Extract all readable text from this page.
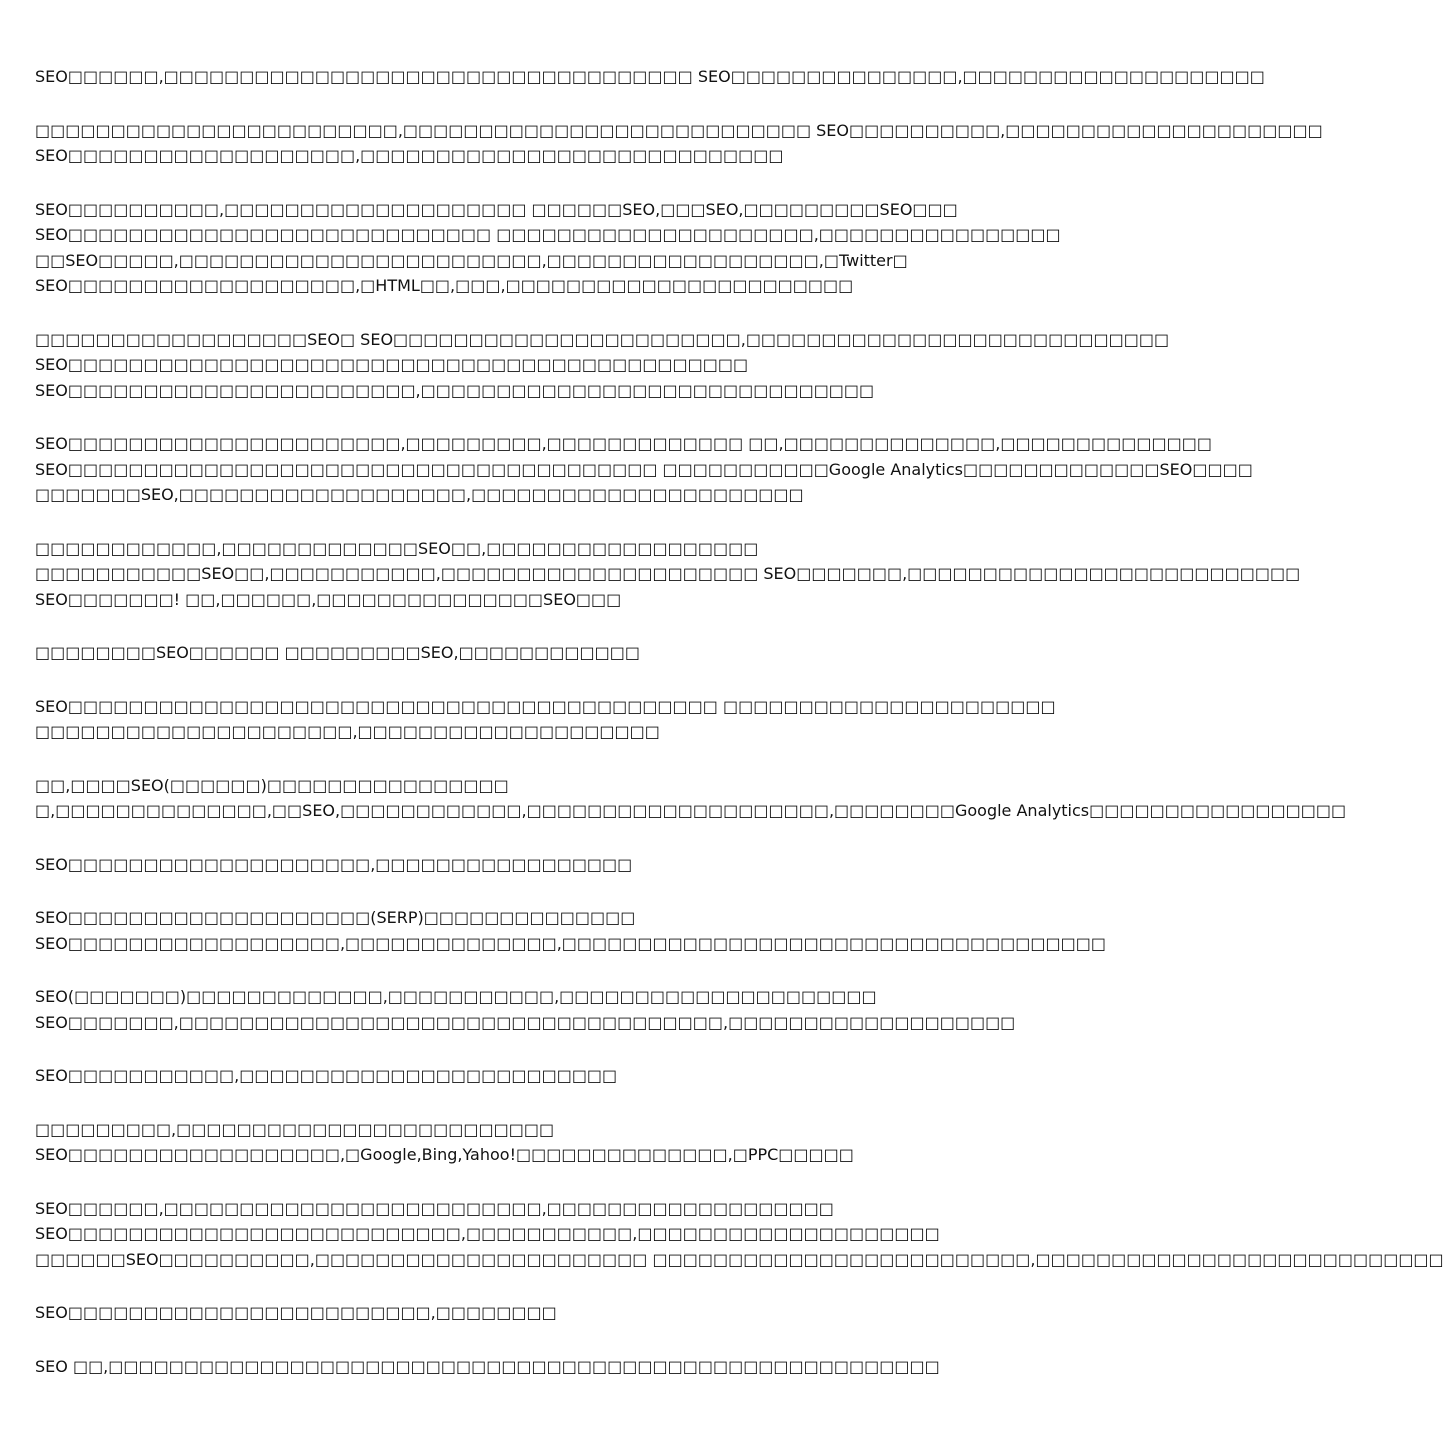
SEO□□□□□□,□□□□□□□□□□□□□□□□□□□□□□□□□□□□□□□□□□□ SEO□□□□□□□□□□□□□□□,□□□□□□□□□□□□□□□□□□□□
□□□□□□□□□□□□□□□□□□□□□□□□,□□□□□□□□□□□□□□□□□□□□□□□□□□□ SEO□□□□□□□□□□,□□□□□□□□□□□□□□□□□□□□□
SEO□□□□□□□□□□□□□□□□□□□,□□□□□□□□□□□□□□□□□□□□□□□□□□□□
SEO□□□□□□□□□□,□□□□□□□□□□□□□□□□□□□□ □□□□□□SEO,□□□SEO,□□□□□□□□□SEO□□□
SEO□□□□□□□□□□□□□□□□□□□□□□□□□□□□ □□□□□□□□□□□□□□□□□□□□□,□□□□□□□□□□□□□□□□
□□SEO□□□□□,□□□□□□□□□□□□□□□□□□□□□□□□,□□□□□□□□□□□□□□□□□□,□Twitter□
SEO□□□□□□□□□□□□□□□□□□□,□HTML□□,□□□,□□□□□□□□□□□□□□□□□□□□□□□
□□□□□□□□□□□□□□□□□□SEO□ SEO□□□□□□□□□□□□□□□□□□□□□□□,□□□□□□□□□□□□□□□□□□□□□□□□□□□□
SEO□□□□□□□□□□□□□□□□□□□□□□□□□□□□□□□□□□□□□□□□□□□□□
SEO□□□□□□□□□□□□□□□□□□□□□□□,□□□□□□□□□□□□□□□□□□□□□□□□□□□□□□
SEO□□□□□□□□□□□□□□□□□□□□□□,□□□□□□□□□,□□□□□□□□□□□□□ □□,□□□□□□□□□□□□□□,□□□□□□□□□□□□□□
SEO□□□□□□□□□□□□□□□□□□□□□□□□□□□□□□□□□□□□□□□ □□□□□□□□□□□Google Analytics□□□□□□□□□□□□□SEO□□□□
□□□□□□□SEO,□□□□□□□□□□□□□□□□□□□,□□□□□□□□□□□□□□□□□□□□□□
□□□□□□□□□□□□,□□□□□□□□□□□□□SEO□□,□□□□□□□□□□□□□□□□□□
□□□□□□□□□□□SEO□□,□□□□□□□□□□□,□□□□□□□□□□□□□□□□□□□□□ SEO□□□□□□□,□□□□□□□□□□□□□□□□□□□□□□□□□□
SEO□□□□□□□! □□,□□□□□□,□□□□□□□□□□□□□□□SEO□□□
□□□□□□□□SEO□□□□□□ □□□□□□□□□SEO,□□□□□□□□□□□□
SEO□□□□□□□□□□□□□□□□□□□□□□□□□□□□□□□□□□□□□□□□□□□ □□□□□□□□□□□□□□□□□□□□□□
□□□□□□□□□□□□□□□□□□□□□,□□□□□□□□□□□□□□□□□□□□
□□,□□□□SEO(□□□□□□)□□□□□□□□□□□□□□□□
□,□□□□□□□□□□□□□□,□□SEO,□□□□□□□□□□□□,□□□□□□□□□□□□□□□□□□□□,□□□□□□□□Google Analytics□□□□□□□□□□□□□□□□□
SEO□□□□□□□□□□□□□□□□□□□□,□□□□□□□□□□□□□□□□□
SEO□□□□□□□□□□□□□□□□□□□□(SERP)□□□□□□□□□□□□□□
SEO□□□□□□□□□□□□□□□□□□,□□□□□□□□□□□□□□,□□□□□□□□□□□□□□□□□□□□□□□□□□□□□□□□□□□□
SEO(□□□□□□□)□□□□□□□□□□□□□,□□□□□□□□□□□,□□□□□□□□□□□□□□□□□□□□□
SEO□□□□□□□,□□□□□□□□□□□□□□□□□□□□□□□□□□□□□□□□□□□□,□□□□□□□□□□□□□□□□□□□
SEO□□□□□□□□□□□,□□□□□□□□□□□□□□□□□□□□□□□□□
□□□□□□□□□,□□□□□□□□□□□□□□□□□□□□□□□□□
SEO□□□□□□□□□□□□□□□□□□,□Google,Bing,Yahoo!□□□□□□□□□□□□□□,□PPC□□□□□
SEO□□□□□□,□□□□□□□□□□□□□□□□□□□□□□□□□,□□□□□□□□□□□□□□□□□□□
SEO□□□□□□□□□□□□□□□□□□□□□□□□□□,□□□□□□□□□□□,□□□□□□□□□□□□□□□□□□□□
□□□□□□SEO□□□□□□□□□□,□□□□□□□□□□□□□□□□□□□□□□ □□□□□□□□□□□□□□□□□□□□□□□□□,□□□□□□□□□□□□□□□□□□□□□□□□□□□
SEO□□□□□□□□□□□□□□□□□□□□□□□□,□□□□□□□□
SEO □□,□□□□□□□□□□□□□□□□□□□□□□□□□□□□□□□□□□□□□□□□□□□□□□□□□□□□□□□
